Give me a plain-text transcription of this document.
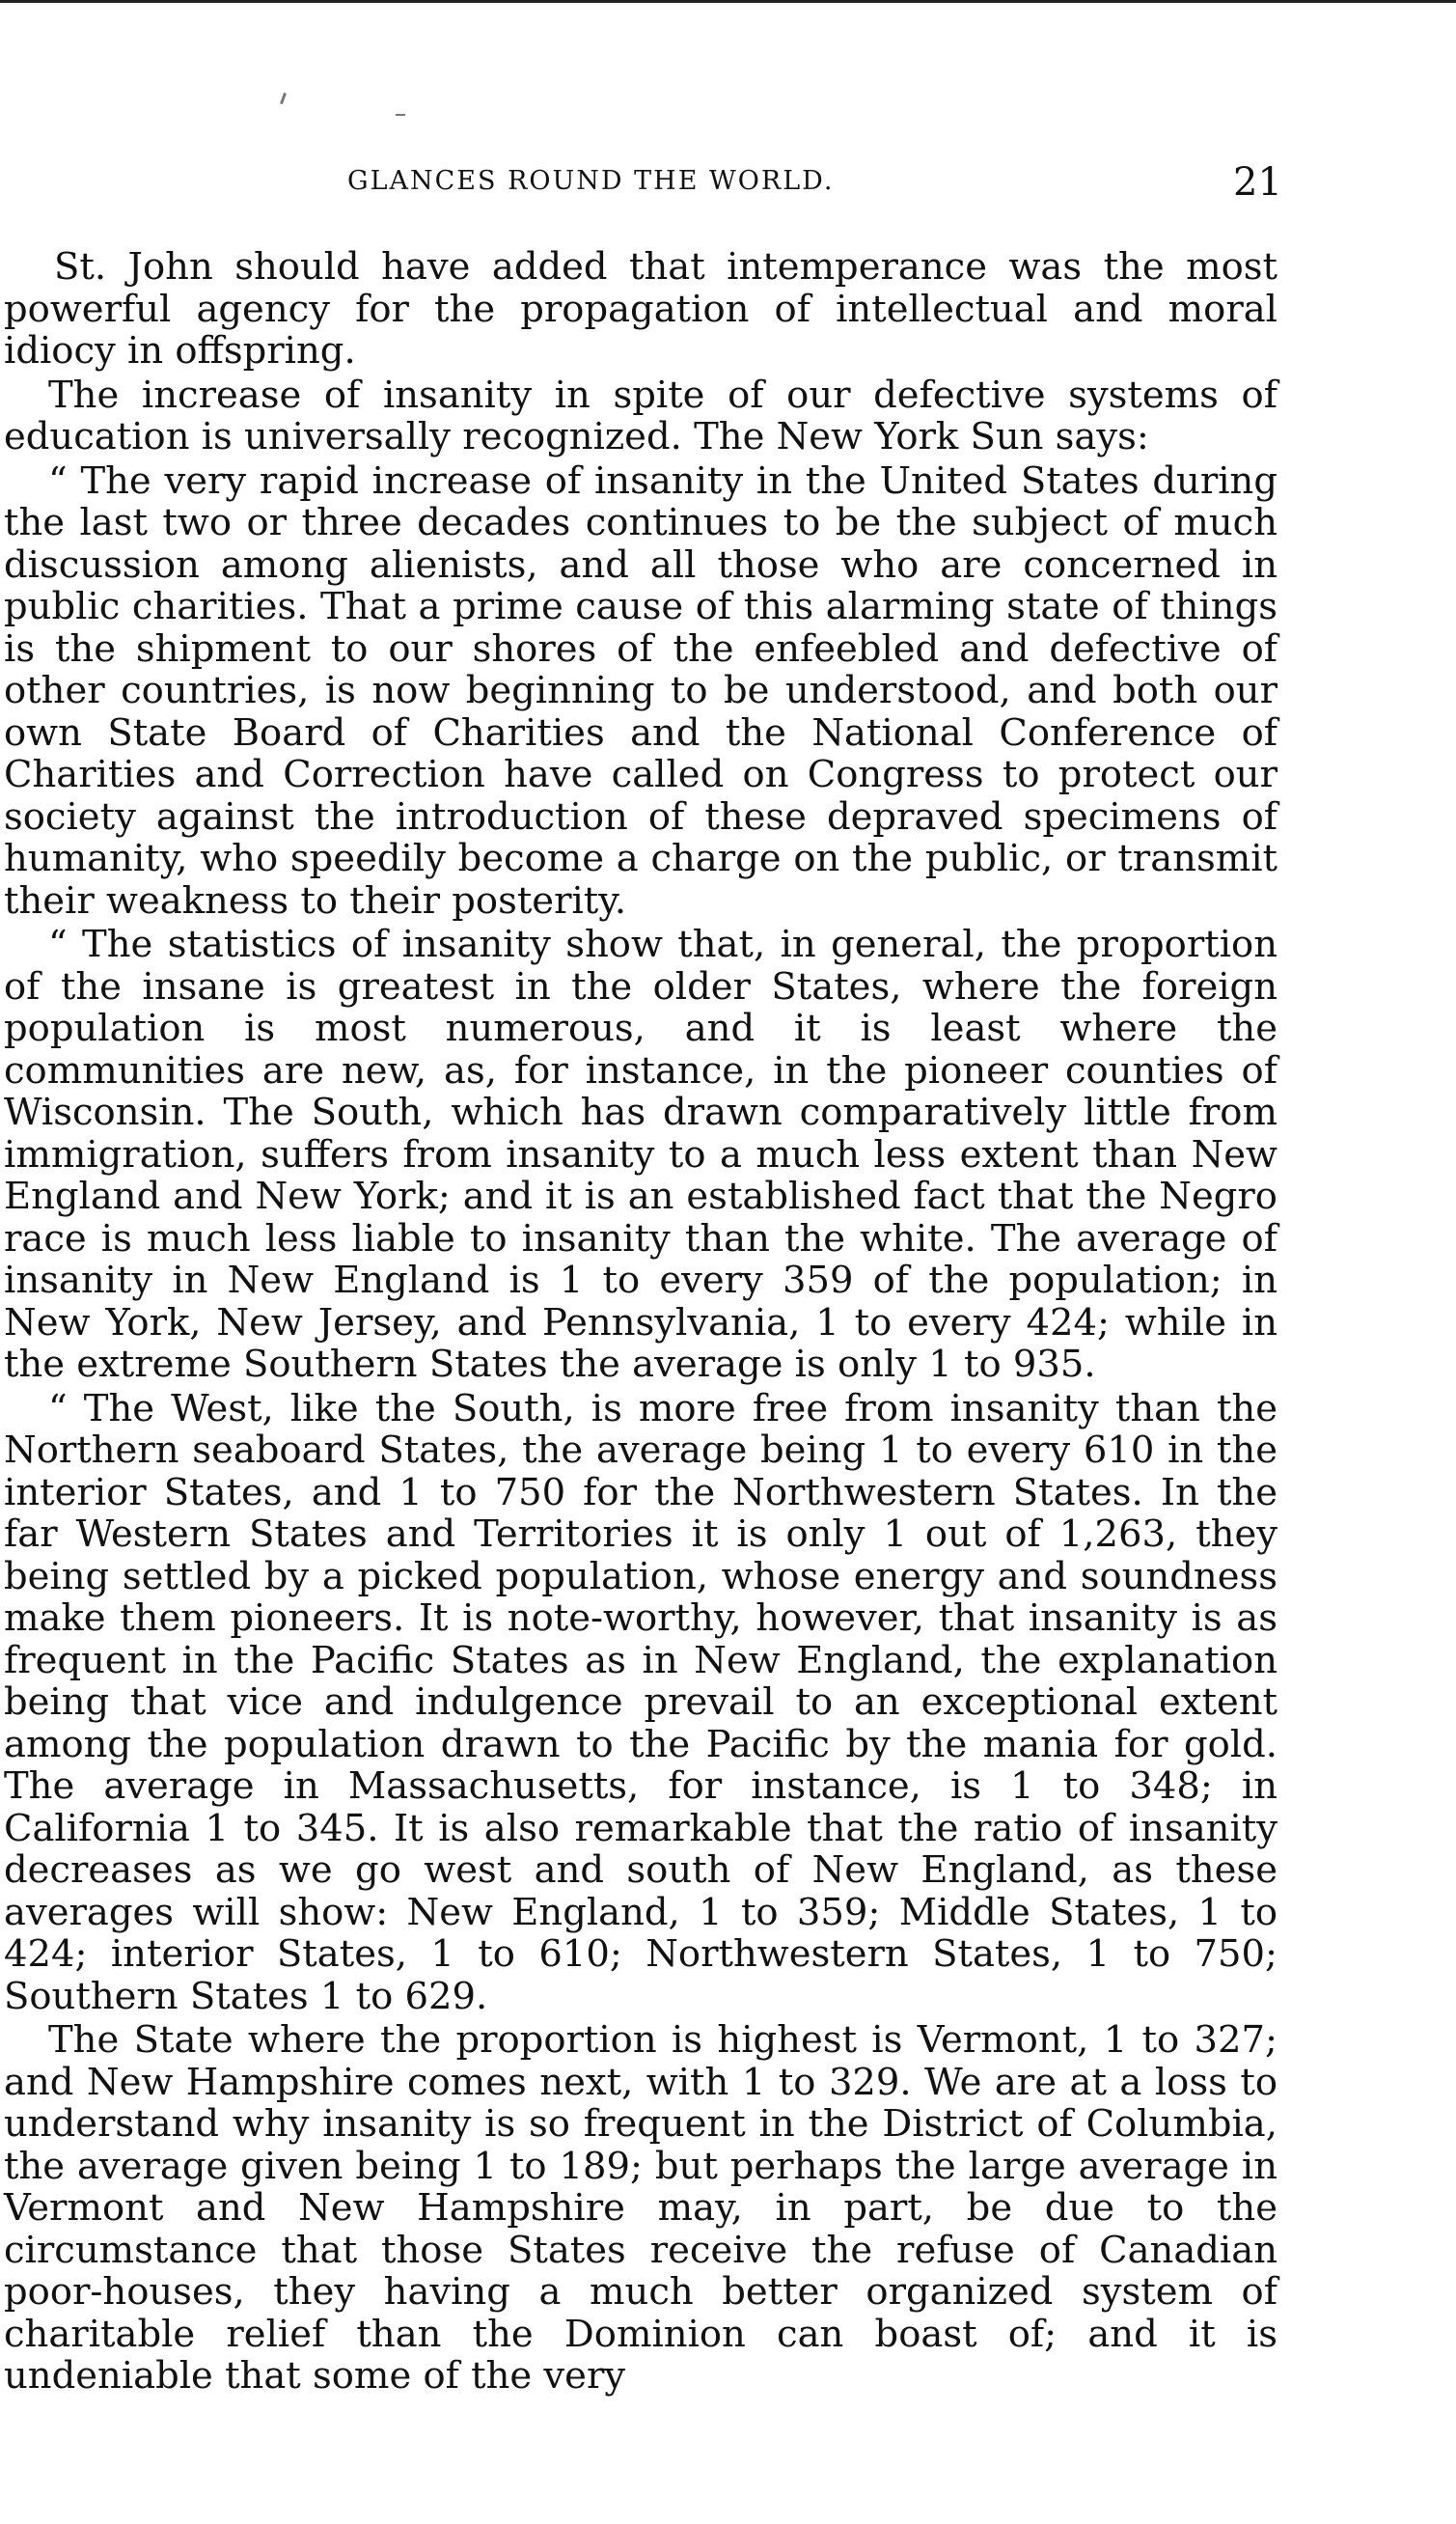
GLANCES ROUND THE WORLD.	21

St. John should have added that intemperance was the most powerful agency for the propagation of intellectual and moral idiocy in offspring.

The increase of insanity in spite of our defective systems of education is universally recognized. The New York Sun says:

“ The very rapid increase of insanity in the United States during the last two or three decades continues to be the subject of much discussion among alienists, and all those who are concerned in public charities. That a prime cause of this alarming state of things is the shipment to our shores of the enfeebled and defective of other countries, is now beginning to be understood, and both our own State Board of Charities and the National Conference of Charities and Correction have called on Congress to protect our society against the introduction of these depraved specimens of humanity, who speedily become a charge on the public, or transmit their weakness to their posterity.

“ The statistics of insanity show that, in general, the proportion of the insane is greatest in the older States, where the foreign population is most numerous, and it is least where the communities are new, as, for instance, in the pioneer counties of Wisconsin. The South, which has drawn comparatively little from immigration, suffers from insanity to a much less extent than New England and New York; and it is an established fact that the Negro race is much less liable to insanity than the white. The average of insanity in New England is 1 to every 359 of the population; in New York, New Jersey, and Pennsylvania, 1 to every 424; while in the extreme Southern States the average is only 1 to 935.

“ The West, like the South, is more free from insanity than the Northern seaboard States, the average being 1 to every 610 in the interior States, and 1 to 750 for the Northwestern States. In the far Western States and Territories it is only 1 out of 1,263, they being settled by a picked population, whose energy and soundness make them pioneers. It is note-worthy, however, that insanity is as frequent in the Pacific States as in New England, the explanation being that vice and indulgence prevail to an exceptional extent among the population drawn to the Pacific by the mania for gold. The average in Massachusetts, for instance, is 1 to 348; in California 1 to 345. It is also remarkable that the ratio of insanity decreases as we go west and south of New England, as these averages will show: New England, 1 to 359; Middle States, 1 to 424; interior States, 1 to 610; Northwestern States, 1 to 750; Southern States 1 to 629.

The State where the proportion is highest is Vermont, 1 to 327; and New Hampshire comes next, with 1 to 329. We are at a loss to understand why insanity is so frequent in the District of Columbia, the average given being 1 to 189; but perhaps the large average in Vermont and New Hampshire may, in part, be due to the circumstance that those States receive the refuse of Canadian poor-houses, they having a much better organized system of charitable relief than the Dominion can boast of; and it is undeniable that some of the very
